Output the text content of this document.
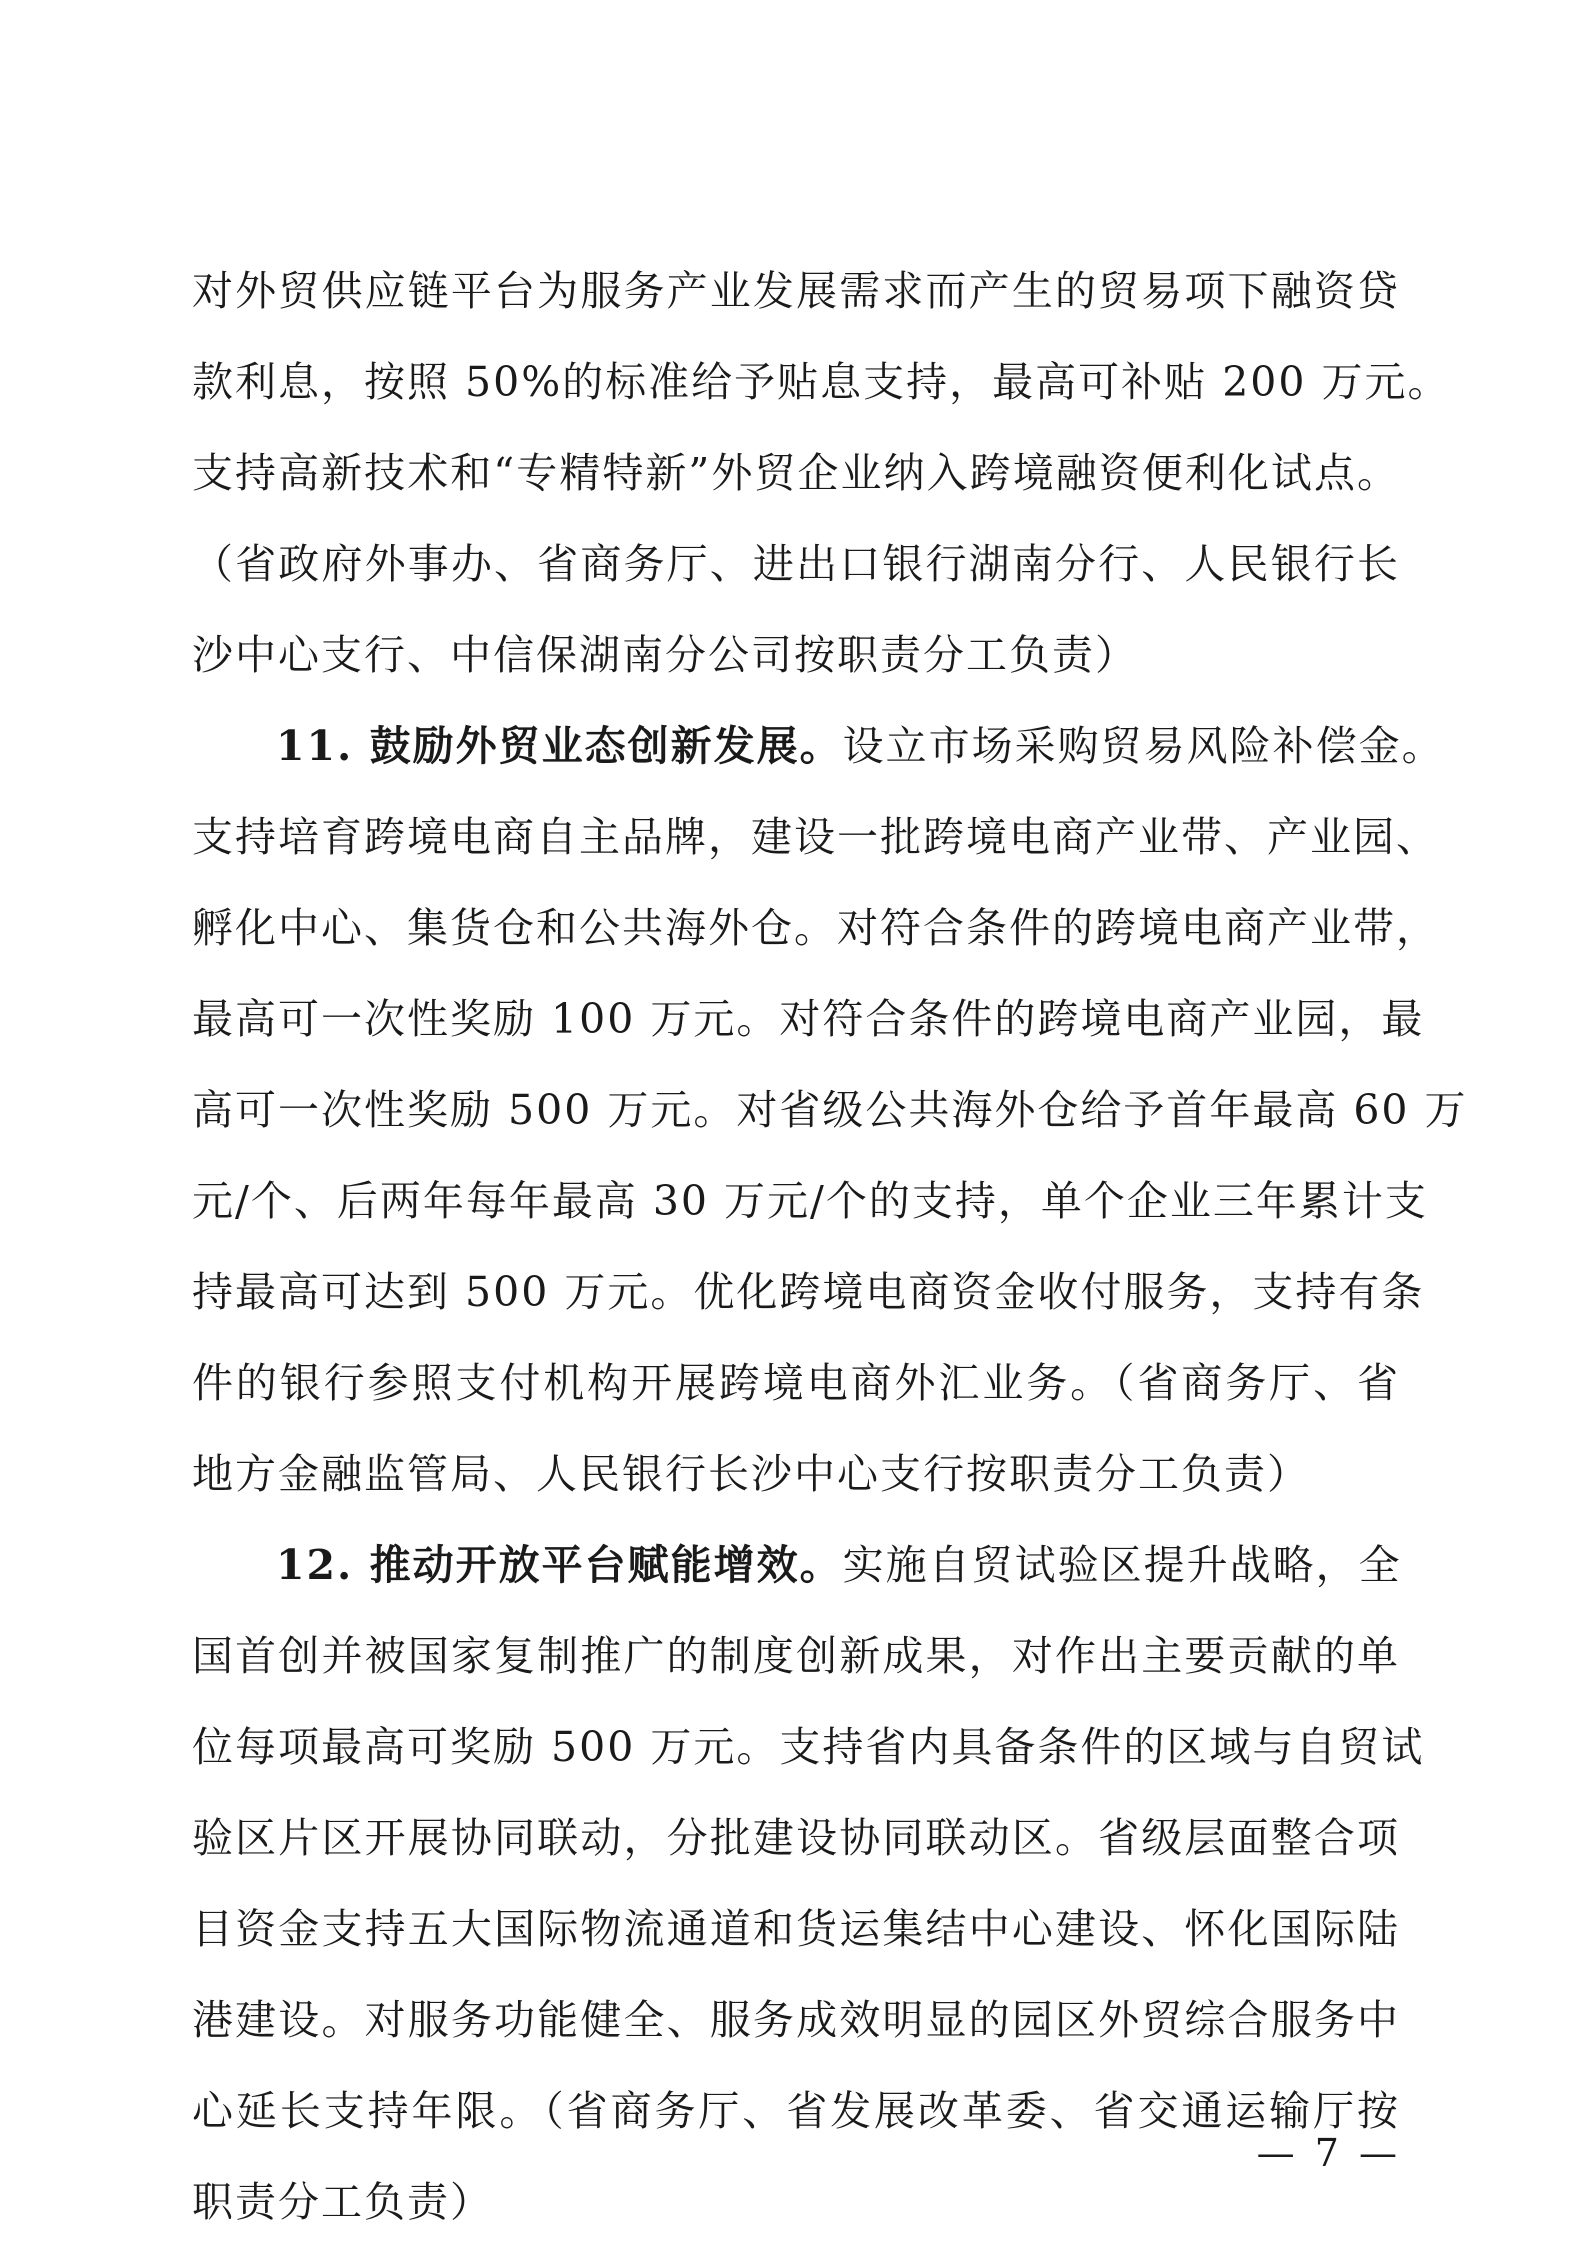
对外贸供应链平台为服务产业发展需求而产生的贸易项下融资贷
款利息，按照 50%的标准给予贴息支持，最高可补贴 200 万元。
支持高新技术和“专精特新”外贸企业纳入跨境融资便利化试点。
（省政府外事办、省商务厅、进出口银行湖南分行、人民银行长
沙中心支行、中信保湖南分公司按职责分工负责）
11. 鼓励外贸业态创新发展。设立市场采购贸易风险补偿金。
支持培育跨境电商自主品牌，建设一批跨境电商产业带、产业园、
孵化中心、集货仓和公共海外仓。对符合条件的跨境电商产业带，
最高可一次性奖励 100 万元。对符合条件的跨境电商产业园，最
高可一次性奖励 500 万元。对省级公共海外仓给予首年最高 60 万
元/个、后两年每年最高 30 万元/个的支持，单个企业三年累计支
持最高可达到 500 万元。优化跨境电商资金收付服务，支持有条
件的银行参照支付机构开展跨境电商外汇业务。（省商务厅、省
地方金融监管局、人民银行长沙中心支行按职责分工负责）
12. 推动开放平台赋能增效。实施自贸试验区提升战略，全
国首创并被国家复制推广的制度创新成果，对作出主要贡献的单
位每项最高可奖励 500 万元。支持省内具备条件的区域与自贸试
验区片区开展协同联动，分批建设协同联动区。省级层面整合项
目资金支持五大国际物流通道和货运集结中心建设、怀化国际陆
港建设。对服务功能健全、服务成效明显的园区外贸综合服务中
心延长支持年限。（省商务厅、省发展改革委、省交通运输厅按
职责分工负责）
— 7 —
